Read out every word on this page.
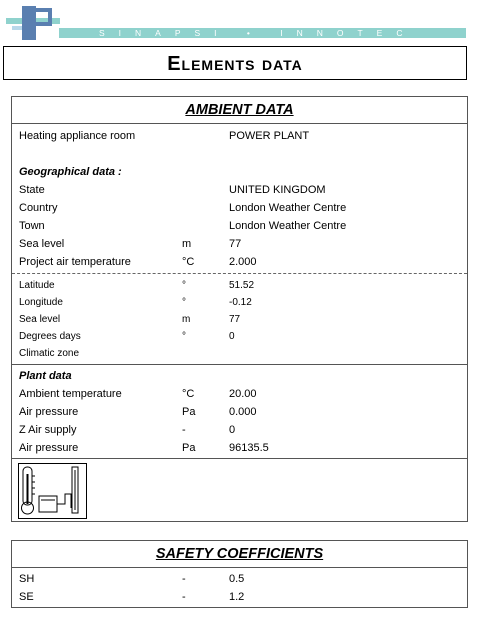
SINAPSI • INNOTEC
Elements data
AMBIENT DATA
Heating appliance room	POWER PLANT
Geographical data :
State	UNITED KINGDOM
Country	London Weather Centre
Town	London Weather Centre
Sea level	m	77
Project air temperature	°C	2.000
Latitude	°	51.52
Longitude	°	-0.12
Sea level	m	77
Degrees days	°	0
Climatic zone
Plant data
Ambient temperature	°C	20.00
Air pressure	Pa	0.000
Z Air supply	-	0
Air pressure	Pa	96135.5
SAFETY COEFFICIENTS
SH	-	0.5
SE	-	1.2
